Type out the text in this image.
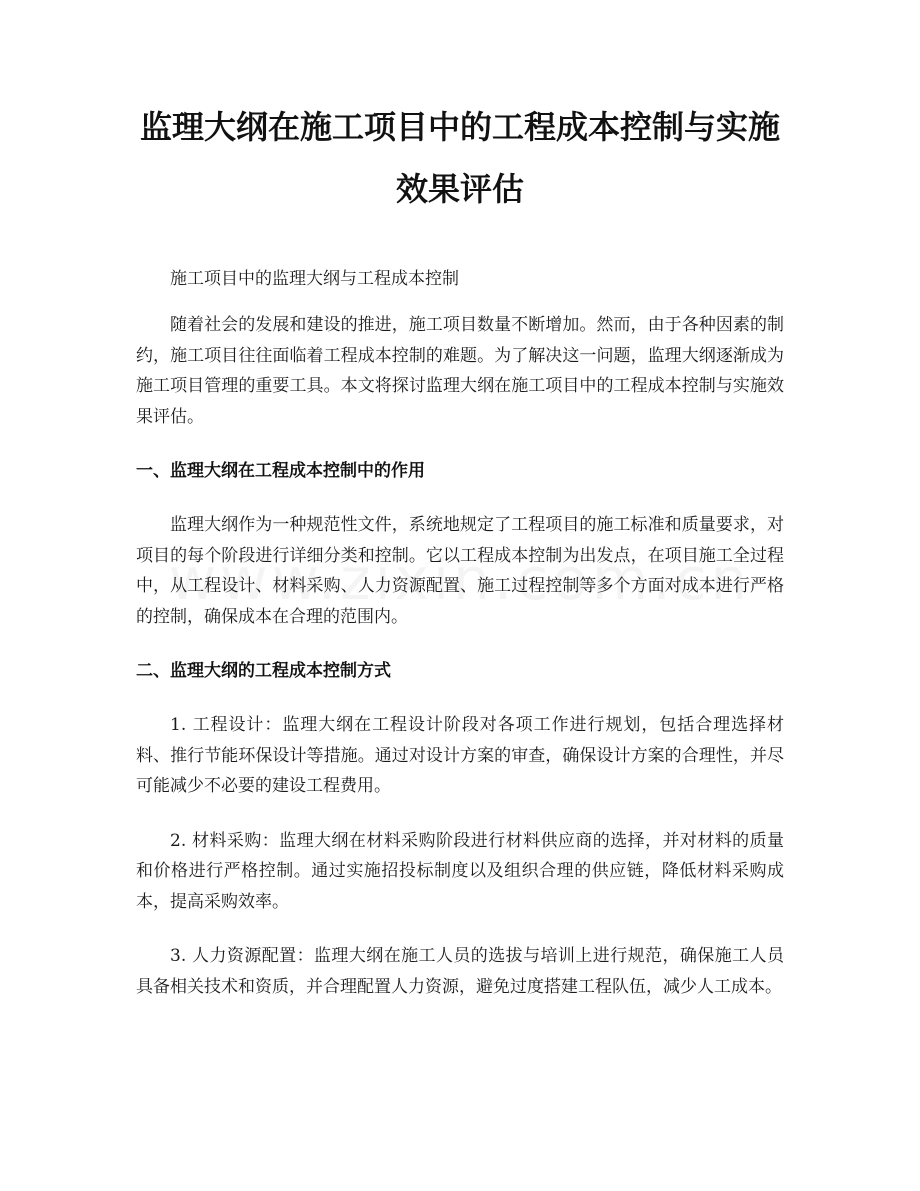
监理大纲在施工项目中的工程成本控制与实施效果评估
施工项目中的监理大纲与工程成本控制
随着社会的发展和建设的推进，施工项目数量不断增加。然而，由于各种因素的制约，施工项目往往面临着工程成本控制的难题。为了解决这一问题，监理大纲逐渐成为施工项目管理的重要工具。本文将探讨监理大纲在施工项目中的工程成本控制与实施效果评估。
一、监理大纲在工程成本控制中的作用
监理大纲作为一种规范性文件，系统地规定了工程项目的施工标准和质量要求，对项目的每个阶段进行详细分类和控制。它以工程成本控制为出发点，在项目施工全过程中，从工程设计、材料采购、人力资源配置、施工过程控制等多个方面对成本进行严格的控制，确保成本在合理的范围内。
二、监理大纲的工程成本控制方式
1. 工程设计：监理大纲在工程设计阶段对各项工作进行规划，包括合理选择材料、推行节能环保设计等措施。通过对设计方案的审查，确保设计方案的合理性，并尽可能减少不必要的建设工程费用。
2. 材料采购：监理大纲在材料采购阶段进行材料供应商的选择，并对材料的质量和价格进行严格控制。通过实施招投标制度以及组织合理的供应链，降低材料采购成本，提高采购效率。
3. 人力资源配置：监理大纲在施工人员的选拔与培训上进行规范，确保施工人员具备相关技术和资质，并合理配置人力资源，避免过度搭建工程队伍，减少人工成本。
